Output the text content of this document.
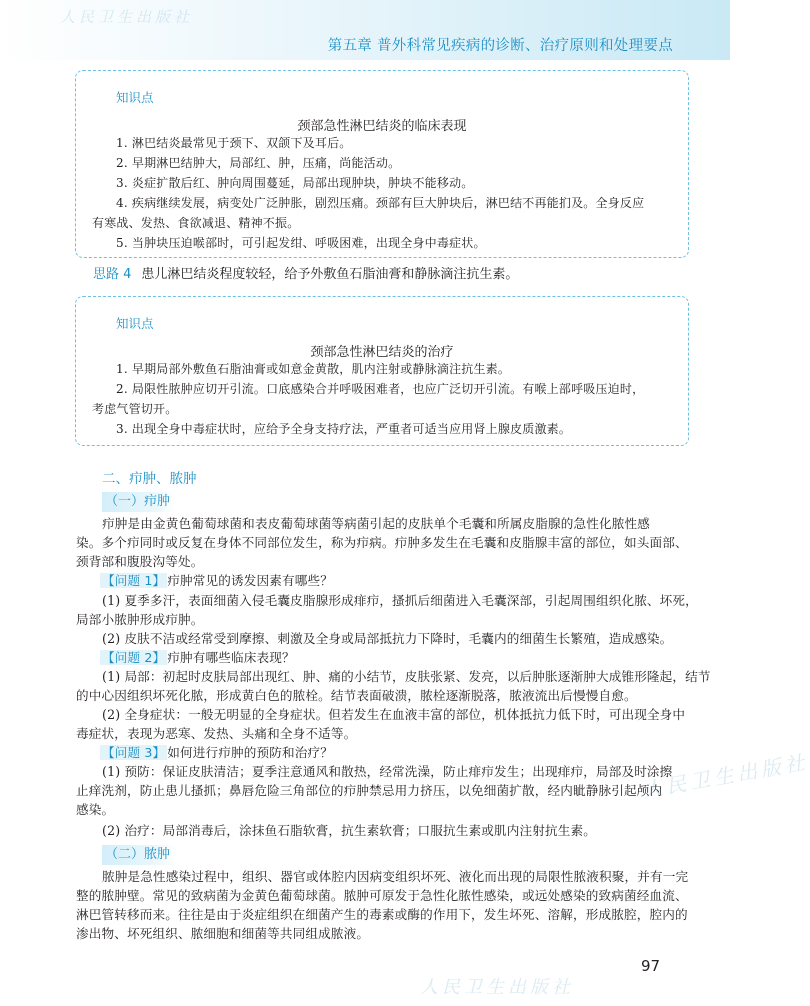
人民卫生出版社
第五章 普外科常见疾病的诊断、治疗原则和处理要点
知识点
颈部急性淋巴结炎的临床表现
1. 淋巴结炎最常见于颈下、双颌下及耳后。
2. 早期淋巴结肿大，局部红、肿，压痛，尚能活动。
3. 炎症扩散后红、肿向周围蔓延，局部出现肿块，肿块不能移动。
4. 疾病继续发展，病变处广泛肿胀，剧烈压痛。颈部有巨大肿块后，淋巴结不再能扪及。全身反应
有寒战、发热、食欲减退、精神不振。
5. 当肿块压迫喉部时，可引起发绀、呼吸困难，出现全身中毒症状。
思路 4 患儿淋巴结炎程度较轻，给予外敷鱼石脂油膏和静脉滴注抗生素。
知识点
颈部急性淋巴结炎的治疗
1. 早期局部外敷鱼石脂油膏或如意金黄散，肌内注射或静脉滴注抗生素。
2. 局限性脓肿应切开引流。口底感染合并呼吸困难者，也应广泛切开引流。有喉上部呼吸压迫时，
考虑气管切开。
3. 出现全身中毒症状时，应给予全身支持疗法，严重者可适当应用肾上腺皮质激素。
二、疖肿、脓肿
（一）疖肿
疖肿是由金黄色葡萄球菌和表皮葡萄球菌等病菌引起的皮肤单个毛囊和所属皮脂腺的急性化脓性感
染。多个疖同时或反复在身体不同部位发生，称为疖病。疖肿多发生在毛囊和皮脂腺丰富的部位，如头面部、
颈背部和腹股沟等处。
【问题 1】 疖肿常见的诱发因素有哪些？
(1) 夏季多汗，表面细菌入侵毛囊皮脂腺形成痱疖，搔抓后细菌进入毛囊深部，引起周围组织化脓、坏死，
局部小脓肿形成疖肿。
(2) 皮肤不洁或经常受到摩擦、刺激及全身或局部抵抗力下降时，毛囊内的细菌生长繁殖，造成感染。
【问题 2】 疖肿有哪些临床表现？
(1) 局部：初起时皮肤局部出现红、肿、痛的小结节，皮肤张紧、发亮，以后肿胀逐渐肿大成锥形隆起，结节
的中心因组织坏死化脓，形成黄白色的脓栓。结节表面破溃，脓栓逐渐脱落，脓液流出后慢慢自愈。
(2) 全身症状：一般无明显的全身症状。但若发生在血液丰富的部位，机体抵抗力低下时，可出现全身中
毒症状，表现为恶寒、发热、头痛和全身不适等。
【问题 3】 如何进行疖肿的预防和治疗？
(1) 预防：保证皮肤清洁；夏季注意通风和散热，经常洗澡，防止痱疖发生；出现痱疖，局部及时涂擦
止痒洗剂，防止患儿搔抓；鼻唇危险三角部位的疖肿禁忌用力挤压，以免细菌扩散，经内眦静脉引起颅内
感染。
(2) 治疗：局部消毒后，涂抹鱼石脂软膏，抗生素软膏；口服抗生素或肌内注射抗生素。
（二）脓肿
脓肿是急性感染过程中，组织、器官或体腔内因病变组织坏死、液化而出现的局限性脓液积聚，并有一完
整的脓肿壁。常见的致病菌为金黄色葡萄球菌。脓肿可原发于急性化脓性感染，或远处感染的致病菌经血流、
淋巴管转移而来。往往是由于炎症组织在细菌产生的毒素或酶的作用下，发生坏死、溶解，形成脓腔，腔内的
渗出物、坏死组织、脓细胞和细菌等共同组成脓液。
人民卫生出版社
人民卫生出版社
97
